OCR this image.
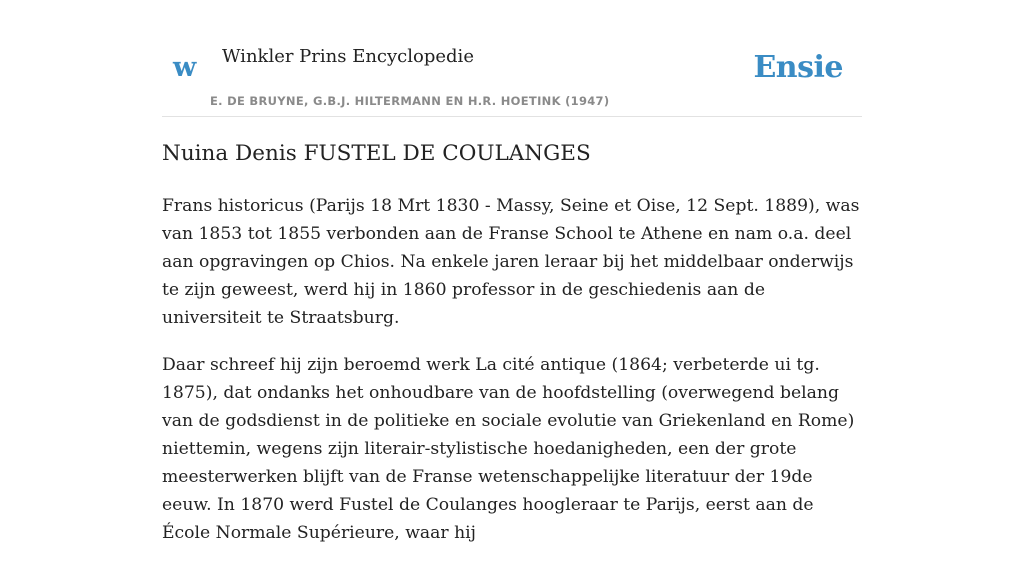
w Winkler Prins Encyclopedie
E. DE BRUYNE, G.B.J. HILTERMANN EN H.R. HOETINK (1947)
Ensie
Nuina Denis FUSTEL DE COULANGES

Frans historicus (Parijs 18 Mrt 1830 - Massy, Seine et Oise, 12 Sept. 1889), was van 1853 tot 1855 verbonden aan de Franse School te Athene en nam o.a. deel aan opgravingen op Chios. Na enkele jaren leraar bij het middelbaar onderwijs te zijn geweest, werd hij in 1860 professor in de geschiedenis aan de universiteit te Straatsburg.

Daar schreef hij zijn beroemd werk La cité antique (1864; verbeterde ui tg. 1875), dat ondanks het onhoudbare van de hoofdstelling (overwegend belang van de godsdienst in de politieke en sociale evolutie van Griekenland en Rome) niettemin, wegens zijn literair-stylistische hoedanigheden, een der grote meesterwerken blijft van de Franse wetenschappelijke literatuur der 19de eeuw. In 1870 werd Fustel de Coulanges hoogleraar te Parijs, eerst aan de École Normale Supérieure, waar hij
